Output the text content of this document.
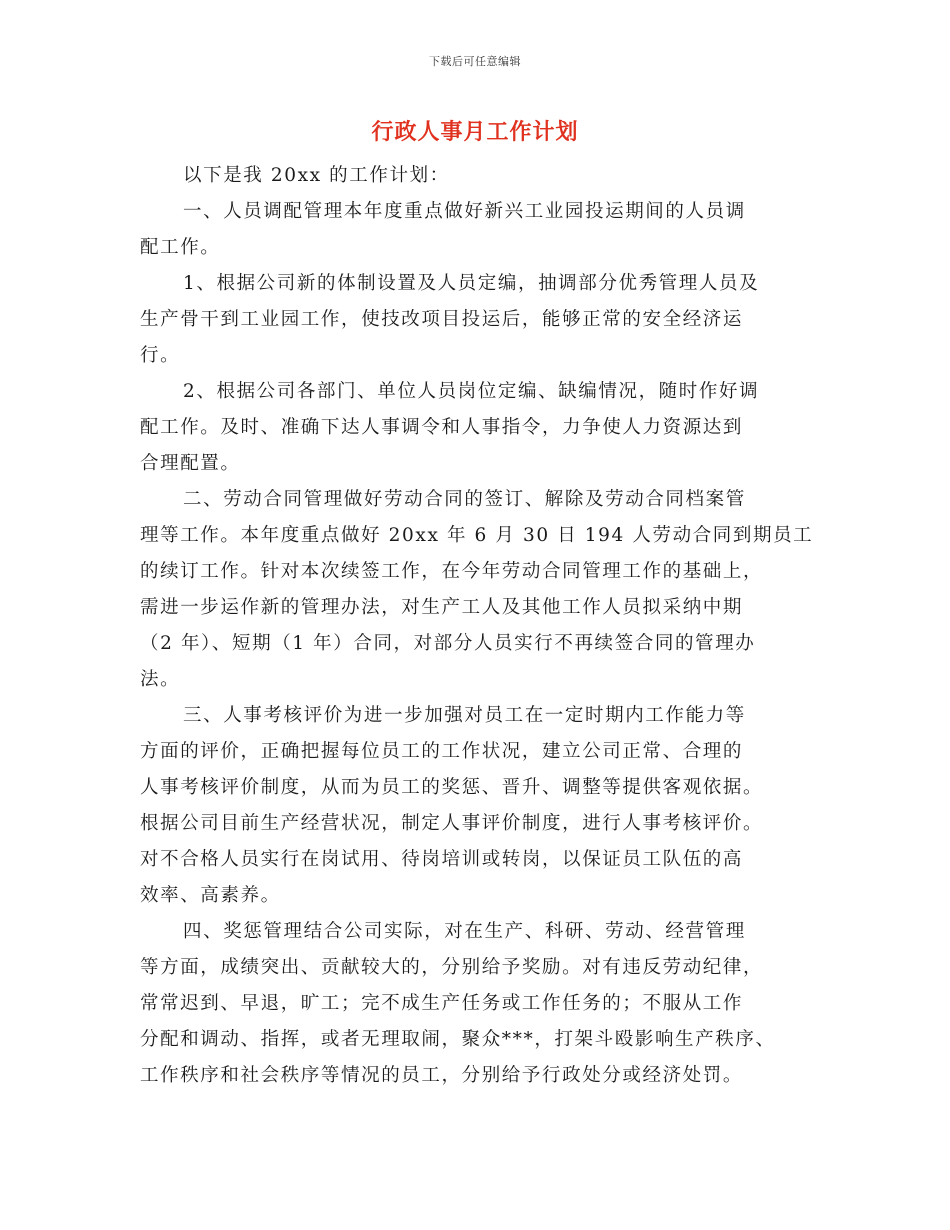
下载后可任意编辑
行政人事月工作计划

以下是我 20xx 的工作计划：

一、人员调配管理本年度重点做好新兴工业园投运期间的人员调
配工作。

1、根据公司新的体制设置及人员定编，抽调部分优秀管理人员及
生产骨干到工业园工作，使技改项目投运后，能够正常的安全经济运
行。

2、根据公司各部门、单位人员岗位定编、缺编情况，随时作好调
配工作。及时、准确下达人事调令和人事指令，力争使人力资源达到
合理配置。

二、劳动合同管理做好劳动合同的签订、解除及劳动合同档案管
理等工作。本年度重点做好 20xx 年 6 月 30 日 194 人劳动合同到期员工
的续订工作。针对本次续签工作，在今年劳动合同管理工作的基础上，
需进一步运作新的管理办法，对生产工人及其他工作人员拟采纳中期
（2 年）、短期（1 年）合同，对部分人员实行不再续签合同的管理办
法。

三、人事考核评价为进一步加强对员工在一定时期内工作能力等
方面的评价，正确把握每位员工的工作状况，建立公司正常、合理的
人事考核评价制度，从而为员工的奖惩、晋升、调整等提供客观依据。
根据公司目前生产经营状况，制定人事评价制度，进行人事考核评价。
对不合格人员实行在岗试用、待岗培训或转岗，以保证员工队伍的高
效率、高素养。

四、奖惩管理结合公司实际，对在生产、科研、劳动、经营管理
等方面，成绩突出、贡献较大的，分别给予奖励。对有违反劳动纪律，
常常迟到、早退，旷工；完不成生产任务或工作任务的；不服从工作
分配和调动、指挥，或者无理取闹，聚众***，打架斗殴影响生产秩序、
工作秩序和社会秩序等情况的员工，分别给予行政处分或经济处罚。
